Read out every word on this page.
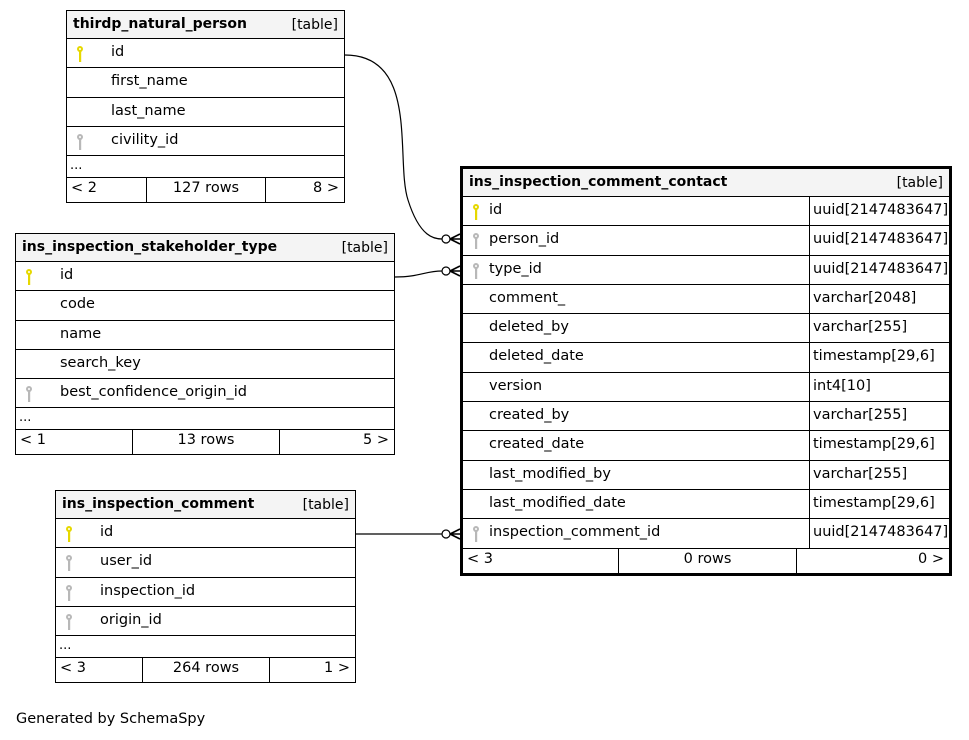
thirdp_natural_person	[table]
id
first_name
last_name
civility_id
...
< 2	127 rows	8 >
ins_inspection_stakeholder_type	[table]
id
code
name
search_key
best_confidence_origin_id
...
< 1	13 rows	5 >
ins_inspection_comment	[table]
id
user_id
inspection_id
origin_id
...
< 3	264 rows	1 >
ins_inspection_comment_contact	[table]
id	uuid[2147483647]
person_id	uuid[2147483647]
type_id	uuid[2147483647]
comment_	varchar[2048]
deleted_by	varchar[255]
deleted_date	timestamp[29,6]
version	int4[10]
created_by	varchar[255]
created_date	timestamp[29,6]
last_modified_by	varchar[255]
last_modified_date	timestamp[29,6]
inspection_comment_id	uuid[2147483647]
< 3	0 rows	0 >
Generated by SchemaSpy
